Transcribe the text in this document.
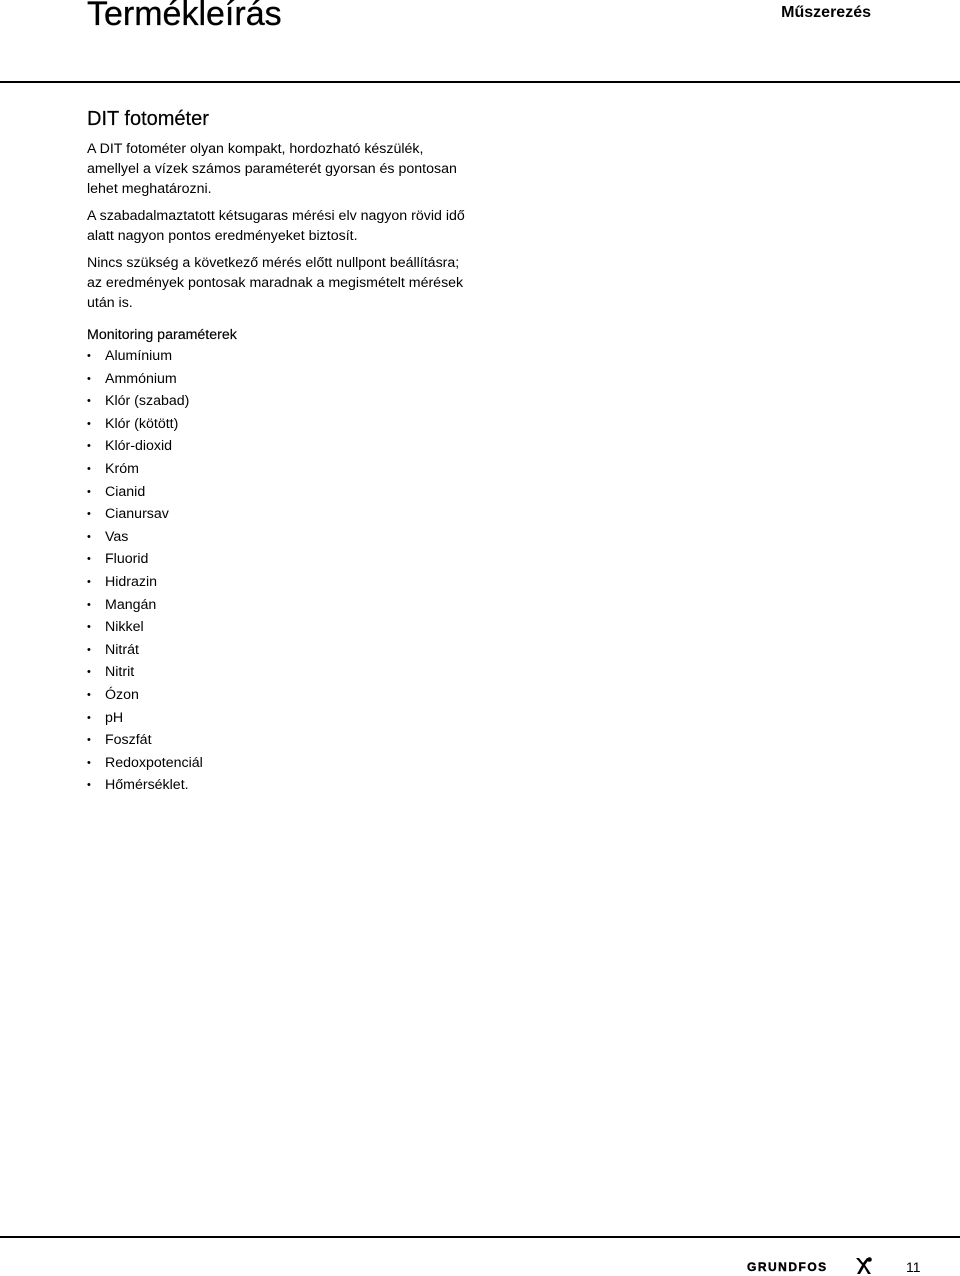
Termékleírás	Műszerezés
DIT fotométer

A DIT fotométer olyan kompakt, hordozható készülék, amellyel a vízek számos paraméterét gyorsan és pontosan lehet meghatározni.

A szabadalmaztatott kétsugaras mérési elv nagyon rövid idő alatt nagyon pontos eredményeket biztosít.

Nincs szükség a következő mérés előtt nullpont beállításra; az eredmények pontosak maradnak a megismételt mérések után is.

Monitoring paraméterek
• Alumínium
• Ammónium
• Klór (szabad)
• Klór (kötött)
• Klór-dioxid
• Króm
• Cianid
• Cianursav
• Vas
• Fluorid
• Hidrazin
• Mangán
• Nikkel
• Nitrát
• Nitrit
• Ózon
• pH
• Foszfát
• Redoxpotenciál
• Hőmérséklet.
GRUNDFOS	11
